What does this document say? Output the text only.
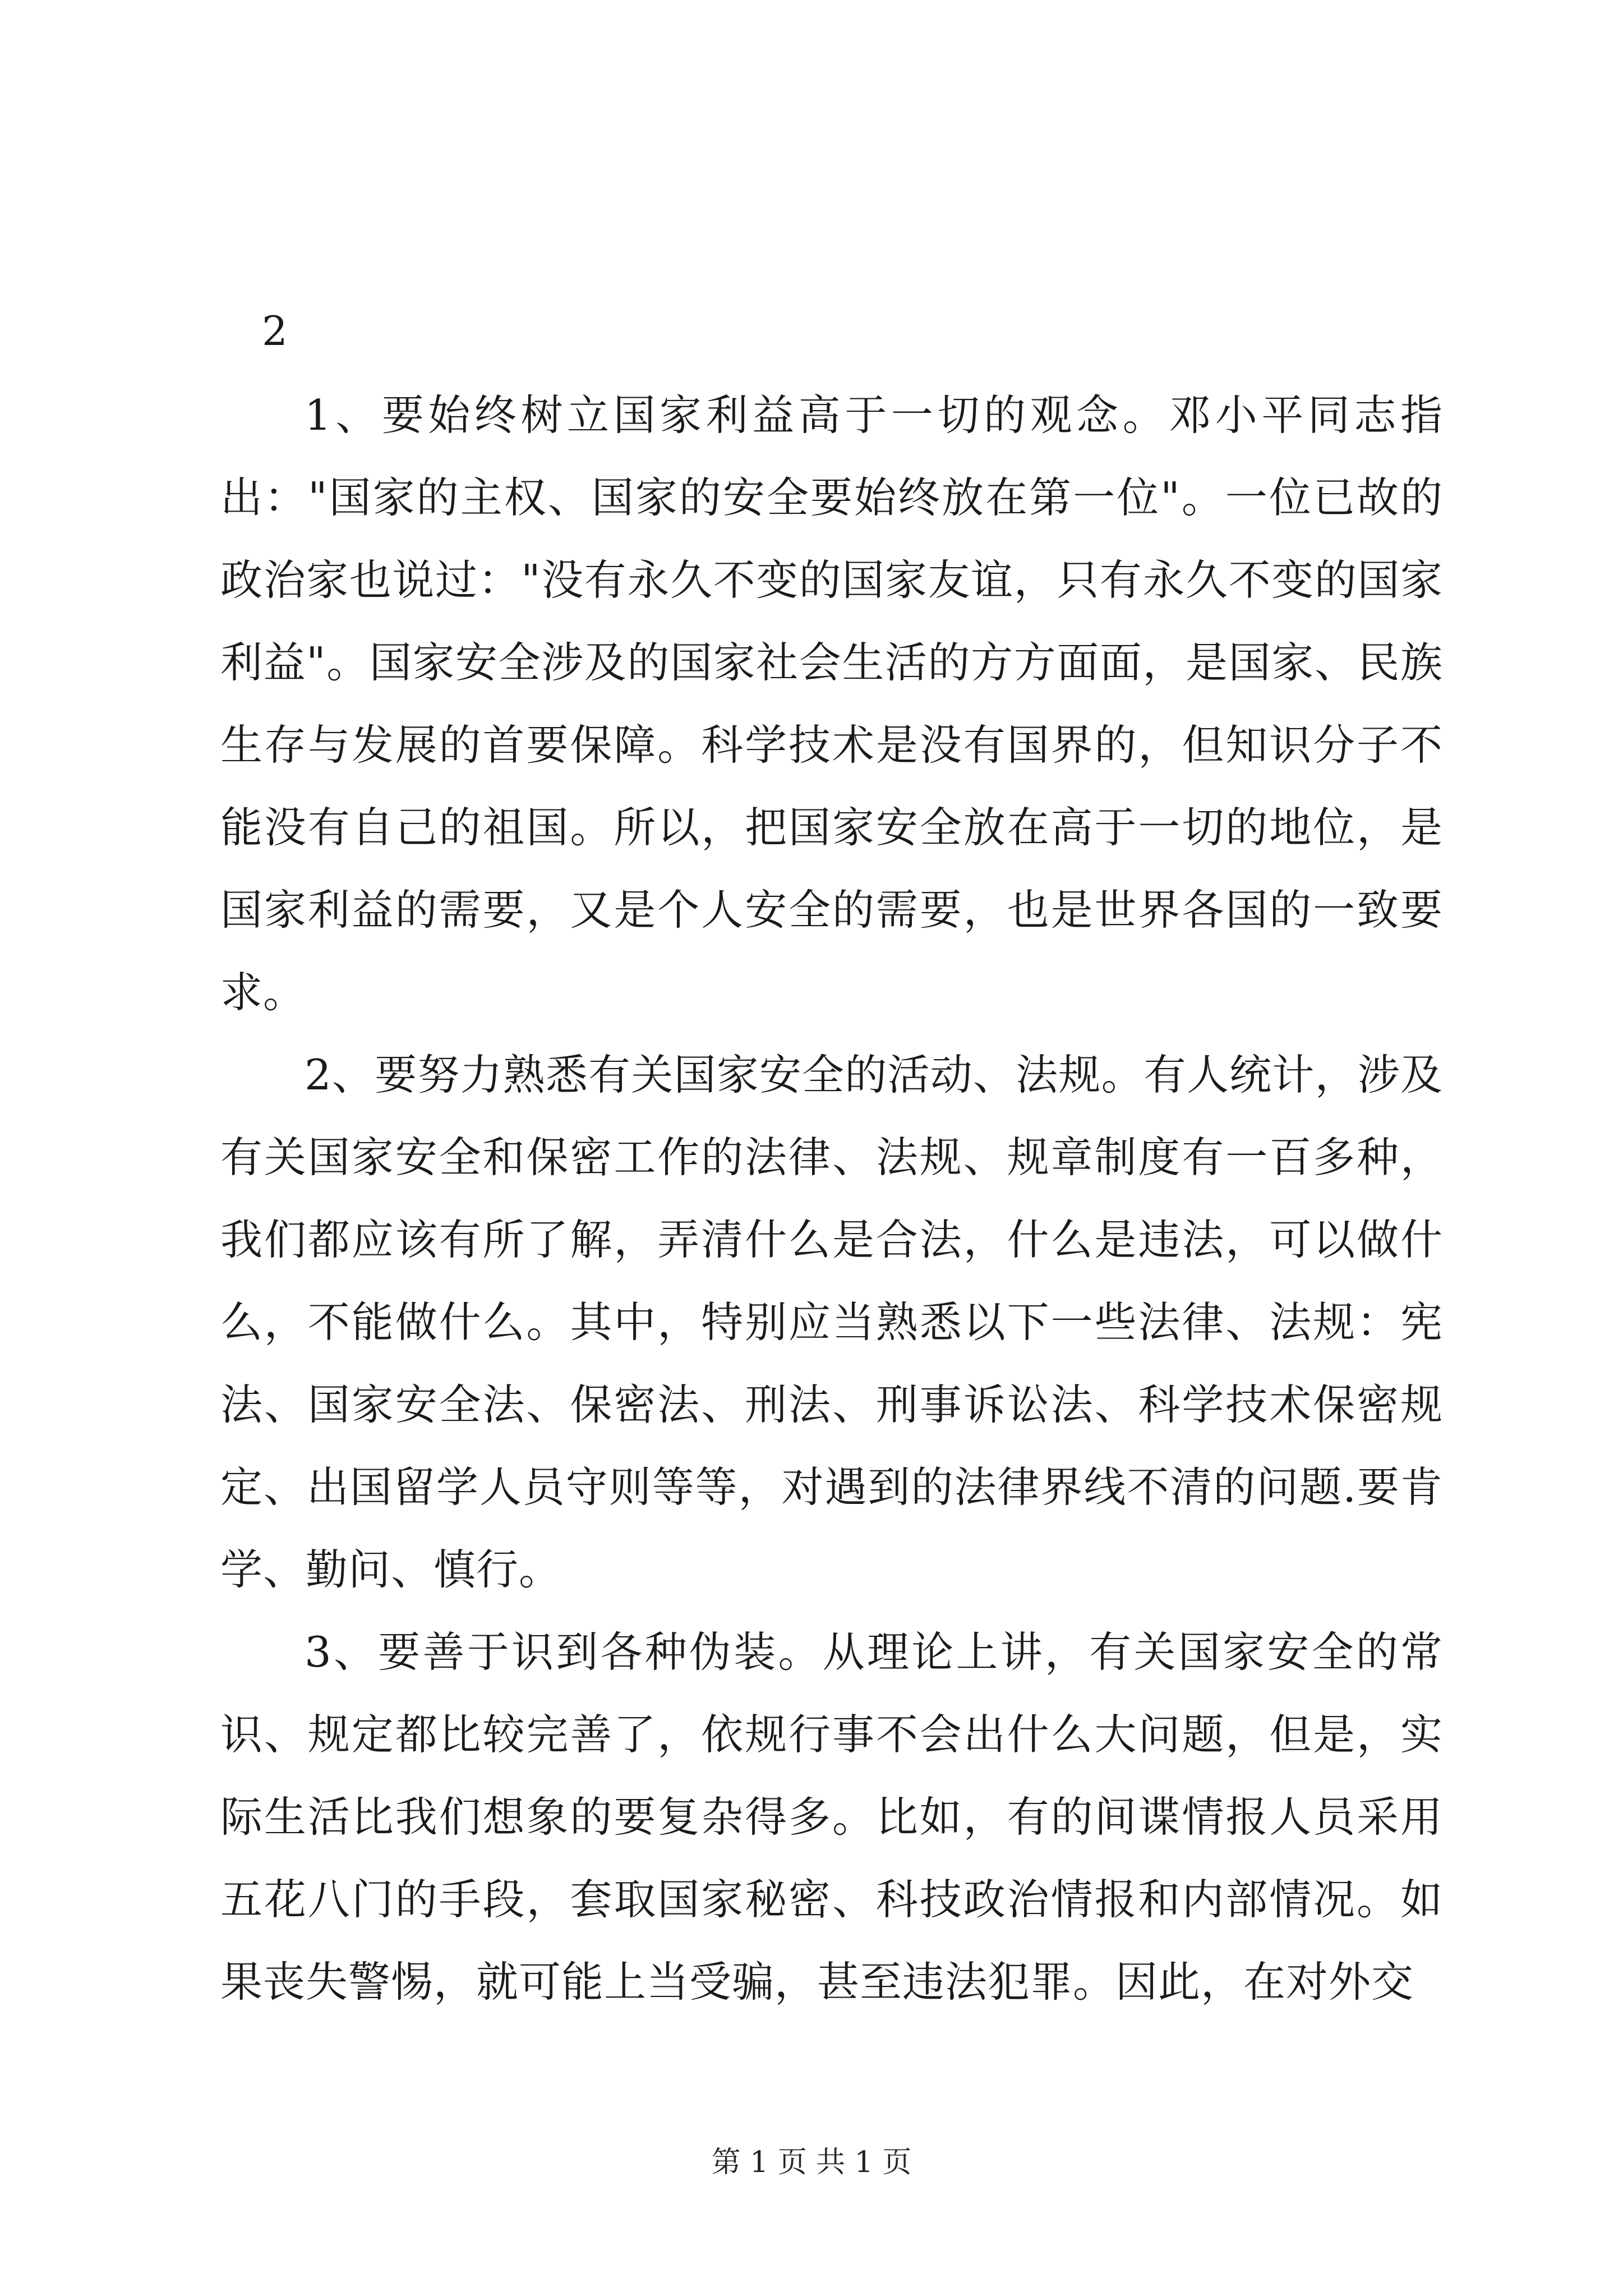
2

1、要始终树立国家利益高于一切的观念。邓小平同志指出："国家的主权、国家的安全要始终放在第一位"。一位已故的政治家也说过："没有永久不变的国家友谊，只有永久不变的国家利益"。国家安全涉及的国家社会生活的方方面面，是国家、民族生存与发展的首要保障。科学技术是没有国界的，但知识分子不能没有自己的祖国。所以，把国家安全放在高于一切的地位，是国家利益的需要，又是个人安全的需要，也是世界各国的一致要求。

2、要努力熟悉有关国家安全的活动、法规。有人统计，涉及有关国家安全和保密工作的法律、法规、规章制度有一百多种，我们都应该有所了解，弄清什么是合法，什么是违法，可以做什么，不能做什么。其中，特别应当熟悉以下一些法律、法规：宪法、国家安全法、保密法、刑法、刑事诉讼法、科学技术保密规定、出国留学人员守则等等，对遇到的法律界线不清的问题.要肯学、勤问、慎行。

3、要善于识到各种伪装。从理论上讲，有关国家安全的常识、规定都比较完善了，依规行事不会出什么大问题，但是，实际生活比我们想象的要复杂得多。比如，有的间谍情报人员采用五花八门的手段，套取国家秘密、科技政治情报和内部情况。如果丧失警惕，就可能上当受骗，甚至违法犯罪。因此，在对外交

第 1 页 共 1 页
